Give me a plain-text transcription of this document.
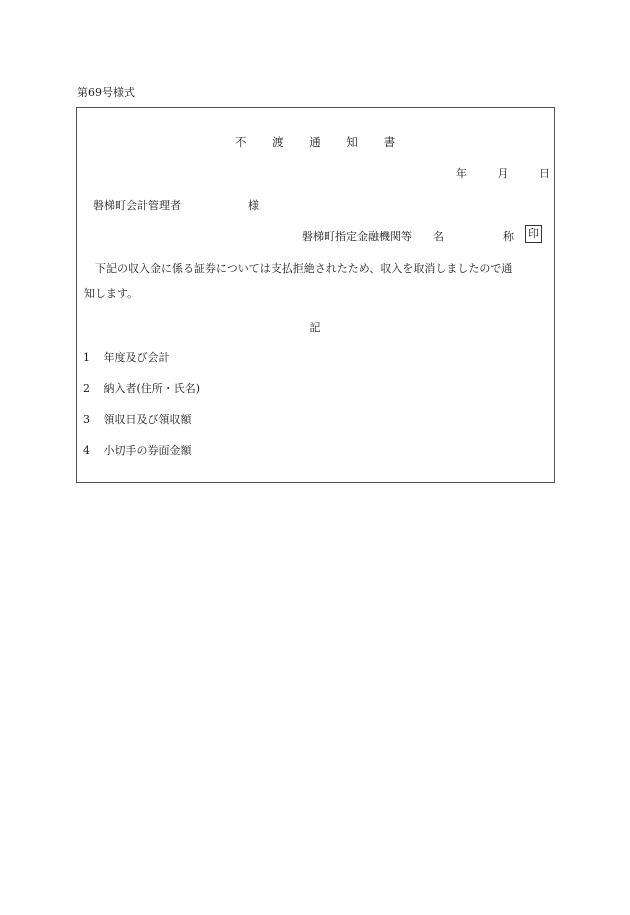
第69号様式
不 渡 通 知 書
年	月	日
磐梯町会計管理者	様
磐梯町指定金融機関等 名	称 印
下記の収入金に係る証券については支払拒絶されたため、収入を取消しましたので通
知します。
記
1 年度及び会計
2 納入者(住所・氏名)
3 領収日及び領収額
4 小切手の券面金額
